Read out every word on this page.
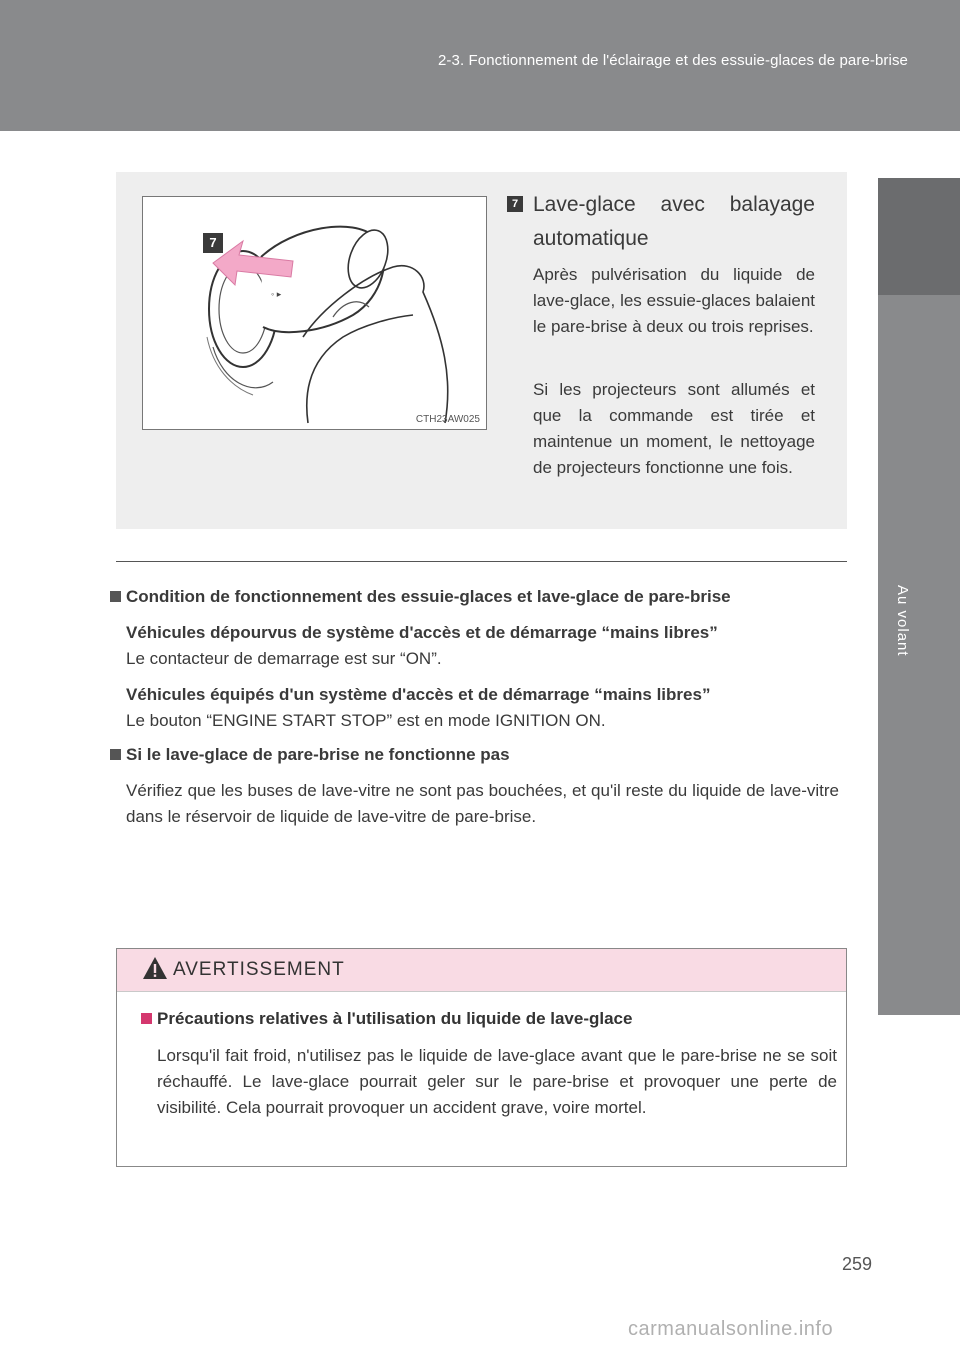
2-3. Fonctionnement de l'éclairage et des essuie-glaces de pare-brise
2
Au volant
◦ ▸
7
CTH23AW025
7 Lave-glace avec balayage automatique
Après pulvérisation du liquide de lave-glace, les essuie-glaces balaient le pare-brise à deux ou trois reprises.
Si les projecteurs sont allumés et que la commande est tirée et maintenue un moment, le nettoyage de projecteurs fonctionne une fois.
Condition de fonctionnement des essuie-glaces et lave-glace de pare-brise
Véhicules dépourvus de système d'accès et de démarrage “mains libres”
Le contacteur de demarrage est sur “ON”.
Véhicules équipés d'un système d'accès et de démarrage “mains libres”
Le bouton “ENGINE START STOP” est en mode IGNITION ON.
Si le lave-glace de pare-brise ne fonctionne pas
Vérifiez que les buses de lave-vitre ne sont pas bouchées, et qu'il reste du liquide de lave-vitre dans le réservoir de liquide de lave-vitre de pare-brise.
AVERTISSEMENT
Précautions relatives à l'utilisation du liquide de lave-glace
Lorsqu'il fait froid, n'utilisez pas le liquide de lave-glace avant que le pare-brise ne se soit réchauffé. Le lave-glace pourrait geler sur le pare-brise et provoquer une perte de visibilité. Cela pourrait provoquer un accident grave, voire mortel.
259
carmanualsonline.info
